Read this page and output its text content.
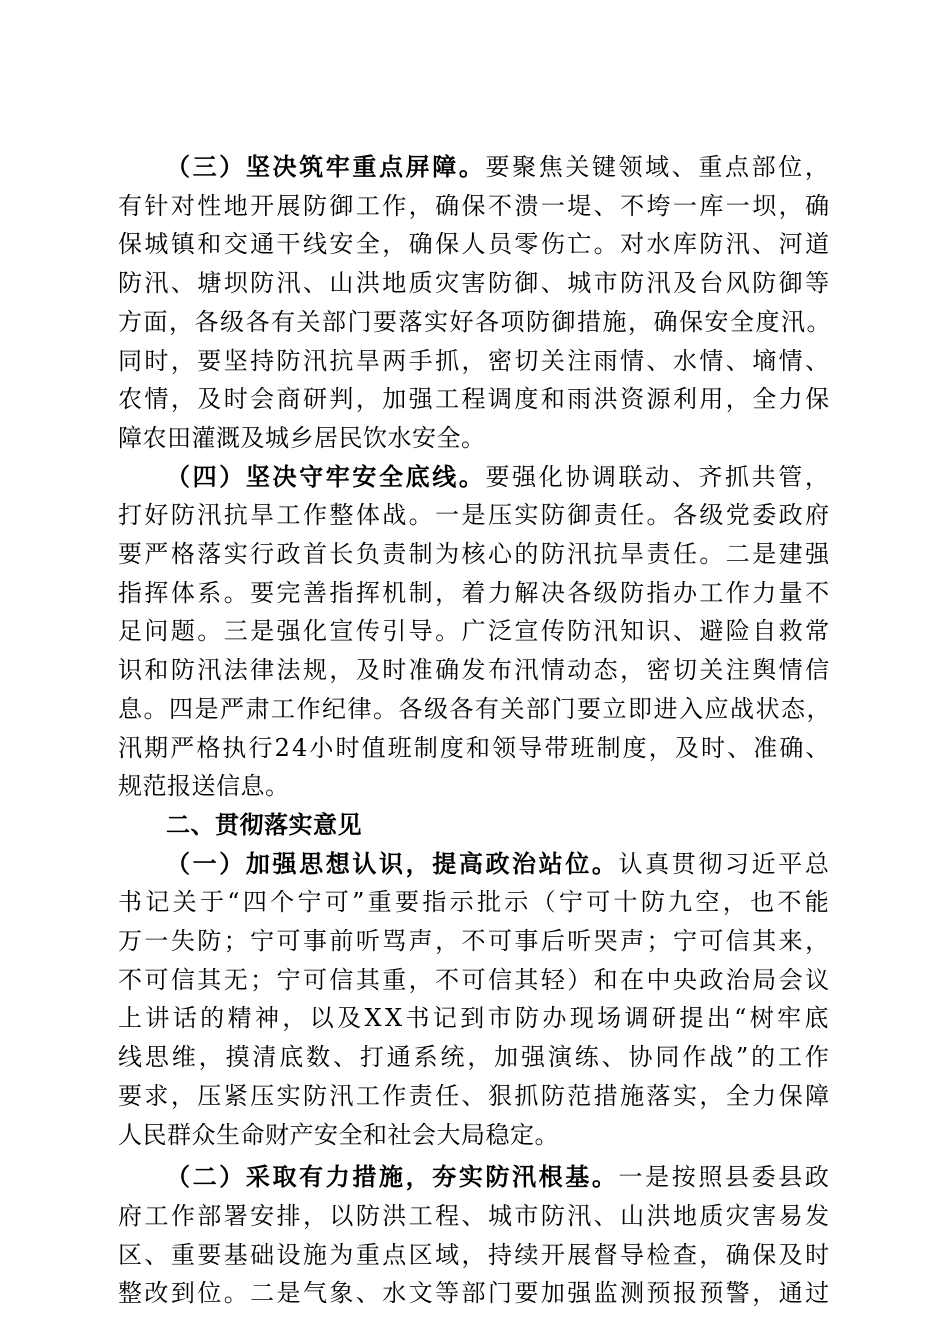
（三）坚决筑牢重点屏障。要聚焦关键领域、重点部位，
有针对性地开展防御工作，确保不溃一堤、不垮一库一坝，确
保城镇和交通干线安全，确保人员零伤亡。对水库防汛、河道
防汛、塘坝防汛、山洪地质灾害防御、城市防汛及台风防御等
方面，各级各有关部门要落实好各项防御措施，确保安全度汛。
同时，要坚持防汛抗旱两手抓，密切关注雨情、水情、墒情、
农情，及时会商研判，加强工程调度和雨洪资源利用，全力保
障农田灌溉及城乡居民饮水安全。

（四）坚决守牢安全底线。要强化协调联动、齐抓共管，
打好防汛抗旱工作整体战。一是压实防御责任。各级党委政府
要严格落实行政首长负责制为核心的防汛抗旱责任。二是建强
指挥体系。要完善指挥机制，着力解决各级防指办工作力量不
足问题。三是强化宣传引导。广泛宣传防汛知识、避险自救常
识和防汛法律法规，及时准确发布汛情动态，密切关注舆情信
息。四是严肃工作纪律。各级各有关部门要立即进入应战状态，
汛期严格执行24小时值班制度和领导带班制度，及时、准确、
规范报送信息。

二、贯彻落实意见

（一）加强思想认识，提高政治站位。认真贯彻习近平总
书记关于“四个宁可”重要指示批示（宁可十防九空，也不能
万一失防；宁可事前听骂声，不可事后听哭声；宁可信其来，
不可信其无；宁可信其重，不可信其轻）和在中央政治局会议
上讲话的精神，以及XX书记到市防办现场调研提出“树牢底
线思维，摸清底数、打通系统，加强演练、协同作战”的工作
要求，压紧压实防汛工作责任、狠抓防范措施落实，全力保障
人民群众生命财产安全和社会大局稳定。

（二）采取有力措施，夯实防汛根基。一是按照县委县政
府工作部署安排，以防洪工程、城市防汛、山洪地质灾害易发
区、重要基础设施为重点区域，持续开展督导检查，确保及时
整改到位。二是气象、水文等部门要加强监测预报预警，通过
